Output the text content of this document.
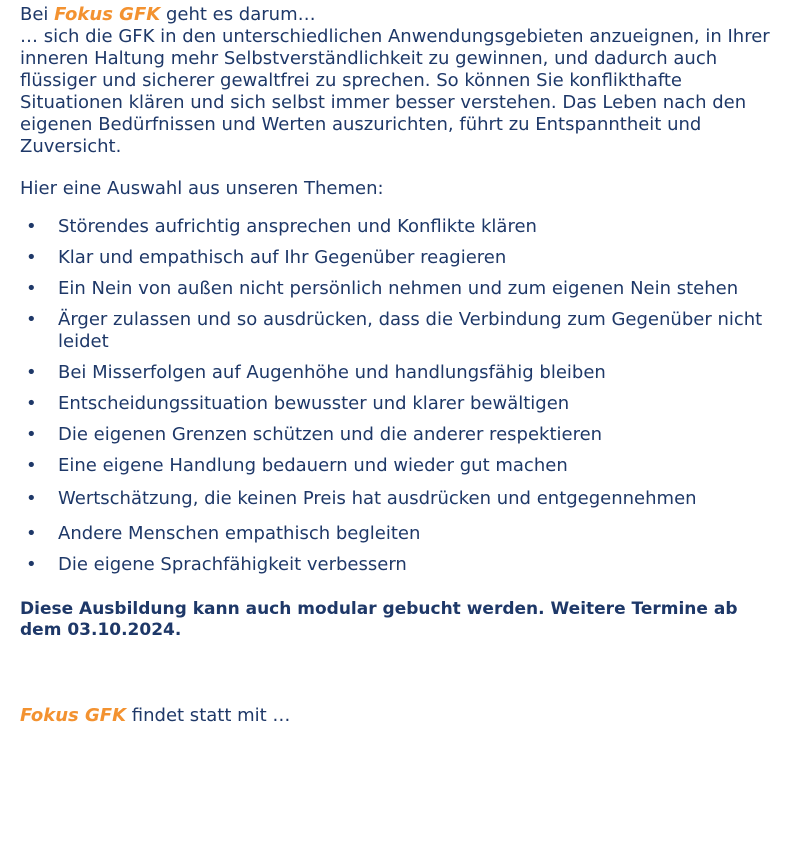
Bei Fokus GFK geht es darum…

… sich die GFK in den unterschiedlichen Anwendungsgebieten anzueignen, in Ihrer inneren Haltung mehr Selbstverständlichkeit zu gewinnen, und dadurch auch flüssiger und sicherer gewaltfrei zu sprechen. So können Sie konflikthafte Situationen klären und sich selbst immer besser verstehen. Das Leben nach den eigenen Bedürfnissen und Werten auszurichten, führt zu Entspanntheit und Zuversicht.

Hier eine Auswahl aus unseren Themen:

• Störendes aufrichtig ansprechen und Konflikte klären
• Klar und empathisch auf Ihr Gegenüber reagieren
• Ein Nein von außen nicht persönlich nehmen und zum eigenen Nein stehen
• Ärger zulassen und so ausdrücken, dass die Verbindung zum Gegenüber nicht leidet
• Bei Misserfolgen auf Augenhöhe und handlungsfähig bleiben
• Entscheidungssituation bewusster und klarer bewältigen
• Die eigenen Grenzen schützen und die anderer respektieren
• Eine eigene Handlung bedauern und wieder gut machen
• Wertschätzung, die keinen Preis hat ausdrücken und entgegennehmen
• Andere Menschen empathisch begleiten
• Die eigene Sprachfähigkeit verbessern

Diese Ausbildung kann auch modular gebucht werden. Weitere Termine ab dem 03.10.2024.

Fokus GFK findet statt mit …
